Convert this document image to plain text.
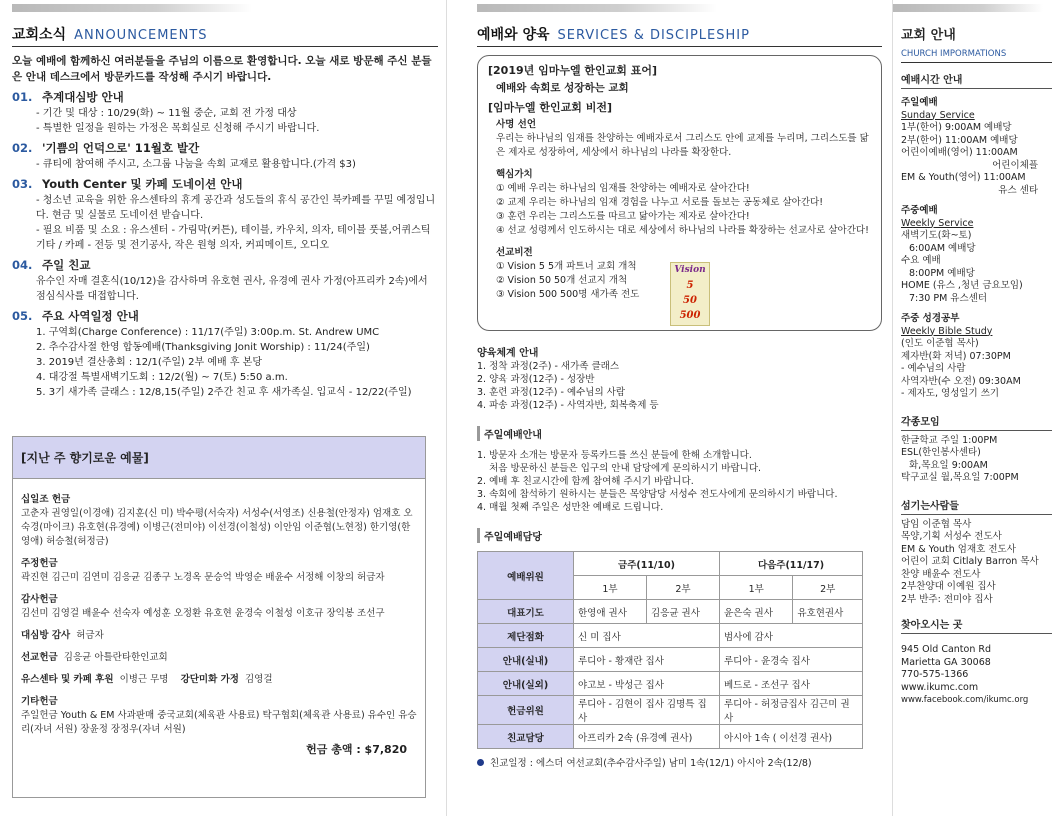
교회소식 ANNOUNCEMENTS
오늘 예배에 함께하신 여러분들을 주님의 이름으로 환영합니다. 오늘 새로 방문해 주신 분들은 안내 데스크에서 방문카드를 작성해 주시기 바랍니다.
01. 추계대심방 안내
- 기간 및 대상 : 10/29(화) ~ 11월 중순, 교회 전 가정 대상
- 특별한 일정을 원하는 가정은 목회실로 신청해 주시기 바랍니다.
02. '기쁨의 언덕으로' 11월호 발간
- 큐티에 참여해 주시고, 소그룹 나눔을 속회 교재로 활용합니다.(가격 $3)
03. Youth Center 및 카페 도네이션 안내
- 청소년 교육을 위한 유스센타의 휴게 공간과 성도들의 휴식 공간인 북카페를 꾸밀 예정입니다. 현금 및 실물로 도네이션 받습니다.
- 필요 비품 및 소요 : 유스센터 - 가림막(커튼), 테이블, 카우치, 의자, 테이블 풋볼,어퀴스틱 기타 / 카페 - 전등 및 전기공사, 작은 원형 의자, 커피메이트, 오디오
04. 주일 친교
유수인 자매 결혼식(10/12)을 감사하며 유호현 권사, 유경예 권사 가정(아프리카 2속)에서 점심식사를 대접합니다.
05. 주요 사역일정 안내
1. 구역회(Charge Conference) : 11/17(주일) 3:00p.m. St. Andrew UMC
2. 추수감사절 한영 합동예배(Thanksgiving Jonit Worship) : 11/24(주일)
3. 2019년 결산총회 : 12/1(주일) 2부 예배 후 본당
4. 대강절 특별새벽기도회 : 12/2(월) ~ 7(토) 5:50 a.m.
5. 3기 새가족 클래스 : 12/8,15(주일) 2주간 친교 후 새가족실. 입교식 - 12/22(주일)
[지난 주 향기로운 예물]
십일조 헌금
고춘자 권영일(이경애) 김지훈(신 미) 박수평(서숙자) 서성수(서영조) 신용철(안정자) 엄재호 오숙경(마이크) 유호현(유경예) 이병근(전미야) 이선경(이철성) 이안임 이준협(노현정) 한기영(한영애) 허승철(허정금)
주정헌금
곽진현 김근미 김연미 김응균 김종구 노경옥 문승억 박영순 배윤수 서정해 이창의 허금자
감사헌금
김선미 김영걸 배윤수 선숙자 예성훈 오정환 유호현 윤경숙 이철성 이호규 장익봉 조선구
대심방 감사 허금자
선교헌금 김응균 아틀란타한인교회
유스센타 및 카페 후원 이병근 무명 강단미화 가정 김영걸
기타헌금
주일헌금 Youth & EM 사과판매 중국교회(체육관 사용료) 탁구협회(체육관 사용료) 유수인 유승리(자녀 서원) 장윤정 장정우(자녀 서원)
헌금 총액 : $7,820
예배와 양육 SERVICES & DISCIPLESHIP
[2019년 임마누엘 한인교회 표어]
예배와 속회로 성장하는 교회
[임마누엘 한인교회 비전]
사명 선언
우리는 하나님의 임재를 찬양하는 예배자로서 그리스도 안에 교제를 누리며, 그리스도를 닮은 제자로 성장하여, 세상에서 하나님의 나라를 확장한다.
핵심가치
① 예배 우리는 하나님의 임재를 찬양하는 예배자로 살아간다!
② 교제 우리는 하나님의 임재 경험을 나누고 서로를 돌보는 공동체로 살아간다!
③ 훈련 우리는 그리스도를 따르고 닮아가는 제자로 살아간다!
④ 선교 성령께서 인도하시는 대로 세상에서 하나님의 나라를 확장하는 선교사로 살아간다!
선교비전
① Vision 5 5개 파트너 교회 개척
② Vision 50 50개 선교지 개척
③ Vision 500 500명 새가족 전도
Vision
5
50
500
양육체계 안내
1. 정착 과정(2주) - 새가족 클래스
2. 양육 과정(12주) - 성장반
3. 훈련 과정(12주) - 예수님의 사람
4. 파송 과정(12주) - 사역자반, 회복축제 등
주일예배안내
1. 방문자 소개는 방문자 등록카드를 쓰신 분들에 한해 소개합니다.
처음 방문하신 분들은 입구의 안내 담당에게 문의하시기 바랍니다.
2. 예배 후 친교시간에 함께 참여해 주시기 바랍니다.
3. 속회에 참석하기 원하시는 분들은 목양담당 서성수 전도사에게 문의하시기 바랍니다.
4. 매월 첫째 주일은 성만찬 예배로 드립니다.
주일예배담당
예배위원	금주(11/10)		다음주(11/17)	
	1부	2부	1부	2부
대표기도	한영애 권사	김응균 권사	윤은숙 권사	유호현권사
제단점화	신 미 집사		범사에 감사	
안내(실내)	루디아 - 황재란 집사		루디아 - 윤경숙 집사	
안내(실외)	야고보 - 박성근 집사		베드로 - 조선구 집사	
헌금위원	루디아 - 김현이 집사 김명특 집사		루디아 - 허정금집사 김근미 권사	
친교담당	아프리카 2속 (유경예 권사)		아시아 1속 ( 이선경 권사)	
친교일정 : 에스더 여선교회(추수감사주일) 남미 1속(12/1) 아시아 2속(12/8)
교회 안내
CHURCH IMPORMATIONS
예배시간 안내
주일예배
Sunday Service
1부(한어) 9:00AM 예배당
2부(한어) 11:00AM 예배당
어린이예배(영어) 11:00AM
어린이체플
EM & Youth(영어) 11:00AM
유스 센타
주중예배
Weekly Service
새벽기도(화~토)
6:00AM 예배당
수요 예배
8:00PM 예배당
HOME (유스 ,청년 금요모임)
7:30 PM 유스센터
주중 성경공부
Weekly Bible Study
(인도 이준협 목사)
제자반(화 저녁) 07:30PM
- 예수님의 사람
사역자반(수 오전) 09:30AM
- 제자도, 영성일기 쓰기
각종모임
한글학교 주일 1:00PM
ESL(한인봉사센타)
화,목요일 9:00AM
탁구교실 월,목요일 7:00PM
섬기는사람들
담임 이준협 목사
목양,기획 서성수 전도사
EM & Youth 엄재호 전도사
어린이 교회 Citlaly Barron 목사
찬양 배윤수 전도사
2부찬양대 이예원 집사
2부 반주: 전미야 집사
찾아오시는 곳
945 Old Canton Rd
Marietta GA 30068
770-575-1366
www.ikumc.com
www.facebook.com/ikumc.org
